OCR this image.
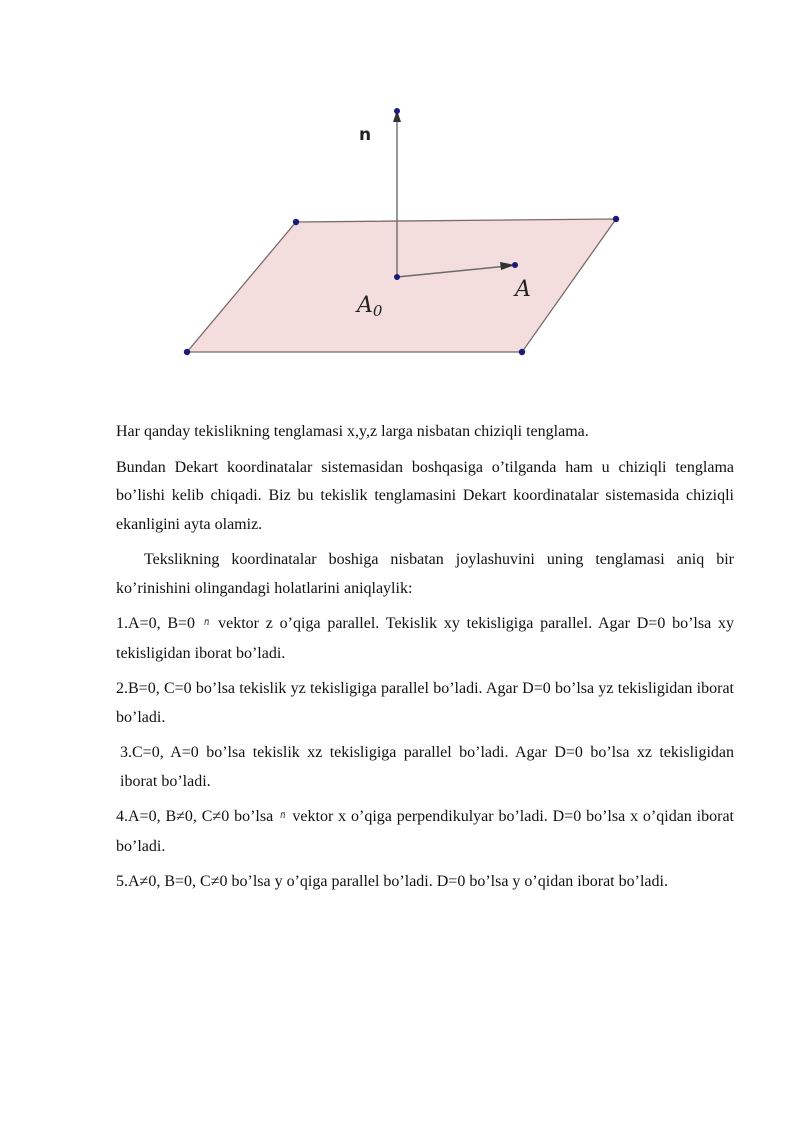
n
A
A0

Har qanday tekislikning tenglamasi x,y,z larga nisbatan chiziqli tenglama.

Bundan Dekart koordinatalar sistemasidan boshqasiga o’tilganda ham u chiziqli tenglama bo’lishi kelib chiqadi. Biz bu tekislik tenglamasini Dekart koordinatalar sistemasida chiziqli ekanligini ayta olamiz.

Tekslikning koordinatalar boshiga nisbatan joylashuvini uning tenglamasi aniq bir ko’rinishini olingandagi holatlarini aniqlaylik:

1.A=0, B=0 n̄ vektor z o’qiga parallel. Tekislik xy tekisligiga parallel. Agar D=0 bo’lsa xy tekisligidan iborat bo’ladi.

2.B=0, C=0 bo’lsa tekislik yz tekisligiga parallel bo’ladi. Agar D=0 bo’lsa yz tekisligidan iborat bo’ladi.

3.C=0, A=0 bo’lsa tekislik xz tekisligiga parallel bo’ladi. Agar D=0 bo’lsa xz tekisligidan iborat bo’ladi.

4.A=0, B≠0, C≠0 bo’lsa n̄ vektor x o’qiga perpendikulyar bo’ladi. D=0 bo’lsa x o’qidan iborat bo’ladi.

5.A≠0, B=0, C≠0 bo’lsa y o’qiga parallel bo’ladi. D=0 bo’lsa y o’qidan iborat bo’ladi.
